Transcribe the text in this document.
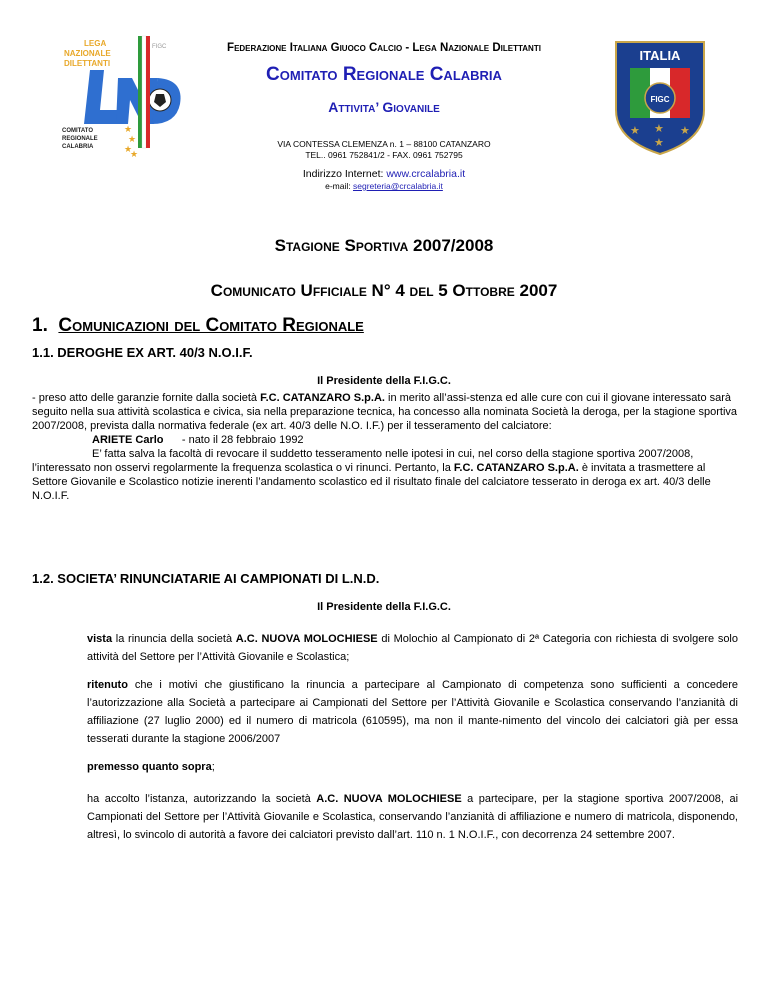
LEGA
NAZIONALE
DILETTANTI
LND
FIGC
COMITATO
REGIONALE
CALABRIA
★
★
★
★
ITALIA
FIGC
★	★
★
★
Federazione Italiana Giuoco Calcio - Lega Nazionale Dilettanti
Comitato Regionale Calabria
Attivita’ Giovanile
VIA CONTESSA CLEMENZA n. 1 – 88100 CATANZARO
TEL.. 0961 752841/2 - FAX. 0961 752795
Indirizzo Internet: www.crcalabria.it
e-mail: segreteria@crcalabria.it
Stagione Sportiva 2007/2008
Comunicato Ufficiale N° 4 del 5 Ottobre 2007
1. Comunicazioni del Comitato Regionale
1.1. DEROGHE EX ART. 40/3 N.O.I.F.
Il Presidente della F.I.G.C.
- preso atto delle garanzie fornite dalla società F.C. CATANZARO S.p.A. in merito all’assi-stenza ed alle cure con cui il giovane interessato sarà seguito nella sua attività scolastica e civica, sia nella preparazione tecnica, ha concesso alla nominata Società la deroga, per la stagione sportiva 2007/2008, prevista dalla normativa federale (ex art. 40/3 delle N.O. I.F.) per il tesseramento del calciatore:
ARIETE Carlo      - nato il 28 febbraio 1992
E’ fatta salva la facoltà di revocare il suddetto tesseramento nelle ipotesi in cui, nel corso della stagione sportiva 2007/2008, l’interessato non osservi regolarmente la frequenza scolastica o vi rinunci. Pertanto, la F.C. CATANZARO S.p.A. è invitata a trasmettere al Settore Giovanile e Scolastico notizie inerenti l’andamento scolastico ed il risultato finale del calciatore tesserato in deroga ex art. 40/3 delle N.O.I.F.
1.2. SOCIETA’ RINUNCIATARIE AI CAMPIONATI DI L.N.D.
Il Presidente della F.I.G.C.
vista la rinuncia della società A.C. NUOVA MOLOCHIESE di Molochio al Campionato di 2ª Categoria con richiesta di svolgere solo attività del Settore per l’Attività Giovanile e Scolastica;
ritenuto che i motivi che giustificano la rinuncia a partecipare al Campionato di competenza sono sufficienti a concedere l’autorizzazione alla Società a partecipare ai Campionati del Settore per l’Attività Giovanile e Scolastica conservando l’anzianità di affiliazione (27 luglio 2000) ed il numero di matricola (610595), ma non il mante-nimento del vincolo dei calciatori già per essa tesserati durante la stagione 2006/2007
premesso quanto sopra;
ha accolto l’istanza, autorizzando la società A.C. NUOVA MOLOCHIESE a partecipare, per la stagione sportiva 2007/2008, ai Campionati del Settore per l’Attività Giovanile e Scolastica, conservando l’anzianità di affiliazione e numero di matricola, disponendo, altresì, lo svincolo di autorità a favore dei calciatori previsto dall’art. 110 n. 1 N.O.I.F., con decorrenza 24 settembre 2007.
